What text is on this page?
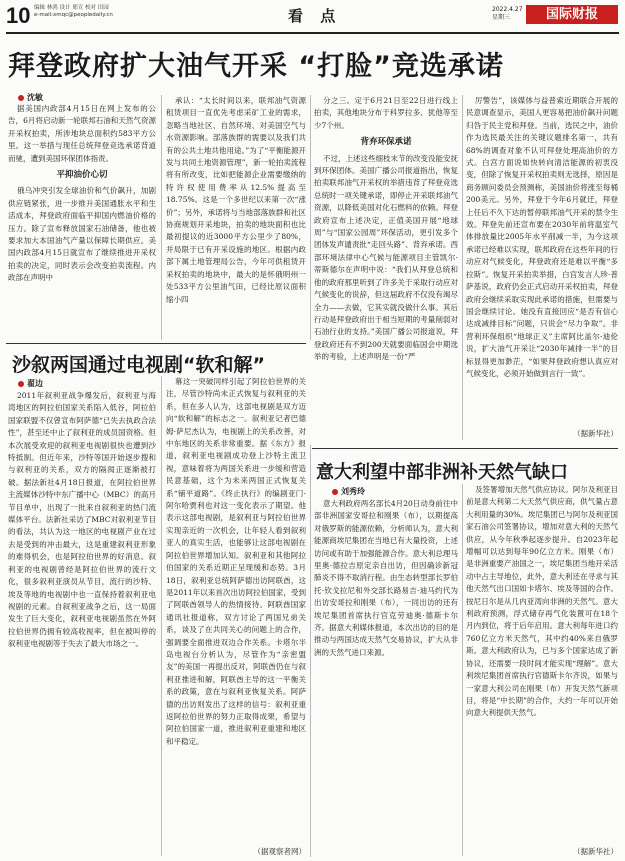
10 编辑 林鸿 设计 邢宣 校对 田园
e-mail:xmqc@peopledaily.cn	看 点	2022.4.27
星期三	国际财报
拜登政府扩大油气开采 “打脸”竞选承诺
沈敏

据美国内政部4月15日在网上发布的公告，6月将启动新一轮联邦石油和天然气资源开采权拍卖，所涉地块总面积约583平方公里。这一举措与现任总统拜登竞选承诺背道而驰，遭到美国环保团体指责。

平抑油价心切

俄乌冲突引发全球油价和气价飙升，加剧供应链紧张，进一步推升美国通胀水平和生活成本，拜登政府面临平抑国内燃油价格的压力。除了宣布释放国家石油储备，他也被要求加大本国油气产量以保障长期供应。美国内政部4月15日就宣布了继续推进开采权拍卖的决定，同时表示会改变拍卖流程。内政部在声明中

承认：“太长时间以来，联邦油气资源租赁项目一直优先考虑采矿工业的需求，忽略当地社区、自然环境、对美国空气与水资源影响。部落族群的需要以及我们共有的公共土地共他用途。”为了“平衡能源开发与共同土地资源管理”，新一轮拍卖流程将有所改变，比如把能源企业需要缴纳的特许权使用费率从12.5%提高至18.75%。这是一个多世纪以来第一次“涨价”；另外，承诺将与当地部落族群和社区协商规划开采地块，拍卖的地块面积也比最初提议的近3000平方公里少了80%，并局限于已有开采设施的地区。根据内政部下属土地管理局公告，今年可供租赁开采权拍卖的地块中，最大的是怀俄明州一处533平方公里油气田，已经比原议面积缩小四

分之三。定于6月21日至22日进行线上拍卖，其他地块分布于科罗拉多、犹他等至少7个州。

背弃环保承诺

不过，上述这些细枝末节的改变没能安抚到环保团体。美国广播公司报道指出，恢复拍卖联邦油气开采权的举措违背了拜登竞选总统时一项关键承诺，即停止开采联邦油气资源，以降低美国对化石燃料的依赖。拜登政府宣布上述决定，正值美国开展“地球周”与“国家公园周”环保活动，更引发多个团体发声谴责批“走回头路”、背弃承诺。西部环境法律中心气候与能源项目主管凯尔·蒂斯德尔在声明中说：“我们从拜登总统和他的政府那里听到了许多关于采取行动应对气候变化的说辞，但这届政府不仅没有竭尽全力——去做，它其实就没做什么事。其后行动是拜登政府出于相当短期的考量削弱对石油行业的支持。”美国广播公司报道说，拜登政府还有不到200天就要面临国会中期选举的考验，上述声明是一份“严

厉警告”，该媒体与益普索近期联合开展的民意调查显示，美国人更容易把油价飙升问题归咎于民主党和拜登。当前，选民之中，油价作为选民最关注的关键议题排名第一，共有68%的调查对象不认可拜登处理高油价的方式。白宫方面说如快转向清洁能源的初衷没变，但除了恢复开采权拍卖则无选择，原因是商务顾问委员会预测称，美国油价将涨至每桶200美元。另外，拜登于今年6月就迁，拜登上任后不久下达的暂停联邦油气开采的禁令生效。拜登先前还宣布要在2030年前将温室气体排放量比2005年水平削减一半，为今这项承诺已经难以实现，联邦政府在这些年间的行动应对气候变化，拜登政府还是难以平衡“多拉斯”。恢复开采拍卖举措，白宫发言人珍·普萨基说，政府仍会正式启动开采权拍卖，拜登政府会继续采取实现此承诺的措施，但需要与国会继续讨论。她没有直接回应“是否有信心达成减排目标”问题，只说会“尽力争取”。非营利环保组织“地球正义”主席阿比盖尔·迪伦说，扩大油气开采让“2030年减排一半”的目标显得更加渺茫，“如果拜登政府想认真应对气候变化，必须开始做到言行一致”。

（据新华社）
沙叙两国通过电视剧“软和解”
翟边

2011年叙利亚战争爆发后，叙利亚与海湾地区的阿拉伯国家关系陷入低谷，阿拉伯国家联盟不仅曾宣布阿萨德“已失去执政合法性”，甚至还中止了叙利亚的成员国资格。但本次展受欢迎的叙利亚电视剧很快也遭到沙特抵制。但近年来，沙特等国开始逐步搜和与叙利亚的关系，双方的隔阂正逐渐被打破。据法新社4月18日报道，在阿拉伯世界主流媒体沙特中东广播中心（MBC）的高月节目单中，出现了一批来自叙利亚的热门流媒体平台。法新社采访了MBC对叙利亚节目的看法，共认为这一地区的电视剧产业在过去是受到的冲击最大，这是重建叙利亚形象的难得机会，也是阿拉伯世界的好消息。叙利亚的电视剧曾经是阿拉伯世界的流行文化，很多叙利亚演员从节目，流行的沙特、埃及等地的电视剧中也一直保持着叙利亚电视剧的元素。自叙利亚战争之后，这一局面发生了巨大变化，叙利亚电视剧虽然在外阿拉伯世界仍拥有较高收视率，但在被叫停的叙利亚电视剧等于失去了最大市场之一。

幕这一突破同样引起了阿拉伯世界的关注，尽管沙特尚未正式恢复与叙利亚的关系，但在多人认为，这部电视剧是双方迈向“软和解”的标志之一。叙利亚记者巴德姆·萨尼杰认为，电视剧上的关系改善，对中东地区的关系非常重要。据《东方》报道，叙利亚电视剧成功登上沙特主流卫视，意味着将为两国关系进一步缓和营造民意基础，这个为未来两国正式恢复关系“铺平道路”。《终止执行》的编剧亚门·阿尔哈贾利也对这一变化表示了期望。他表示这部电视剧，是叙利亚与阿拉伯世界实现亲近的一次机会，让年轻人看到叙利亚人的真实生活，也能够让这部电视剧在阿拉伯世界增加认知。叙利亚和其他阿拉伯国家的关系近期正呈现缓和态势。3月18日，叙利亚总统阿萨德出访阿联酋，这是2011年以来首次出访阿拉伯国家，受到了阿联酋领导人的热情接待。阿联酋国家通讯社报道称，双方讨论了两国兄弟关系，谈及了在共同关心的问题上的合作，强调要全面推进双边合作关系。卡塔尔半岛电视台分析认为，尽管作为“亲密盟友”的美国一再提出反对，阿联酋仍在与叙利亚推进和解，阿联酋主导的这一平衡关系的政策，意在与叙利亚恢复关系。阿萨德的出访则发出了这样的信号：叙利亚重返阿拉伯世界的努力正取得成果，希望与阿拉伯国家一道，推进叙利亚重建和地区和平稳定。

（据观察者网）
意大利望中部非洲补天然气缺口
刘秀玲

意大利政府两名部长4月20日动身前往中部非洲国家安哥拉和刚果（布），以期提高对俄罗斯的能源依赖，分析师认为，意大利能源商埃尼集团在当地已有大量投资，上述访问或有助于加强能源合作。意大利总理马里奥·德拉吉原定亲自出访，但因确诊新冠肺炎不得不取消行程。由生态转型部长罗伯托·钦戈拉尼和外交部长路易吉·迪马约代为出访安哥拉和刚果（布），一同出访的还有埃尼集团首席执行官克劳迪奥·德斯卡尔齐。据意大利媒体报道，本次出访的目的是推动与两国达成天然气交易协议，扩大从非洲的天然气进口来源。

及签署增加天然气供应协议。阿尔及利亚目前是意大利第二大天然气供应商，供气量占意大利用量的30%。埃尼集团已与阿尔及利亚国家石油公司签署协议，增加对意大利的天然气供应，从今年秋季起逐步提升。自2023年起增幅可以达到每年90亿立方米。刚果（布）是非洲重要产油国之一，埃尼集团当地开采活动中占主导地位，此外，意大利还在寻求与其他天然气出口国如卡塔尔、埃及等国的合作。按尼日尔是从几内亚湾向非洲的天然气。意大利政府预测，浮式储存再气化装置可在18个月内到位，将于后年启用。意大利每年进口约760亿立方米天然气，其中约40%来自俄罗斯。意大利政府认为，已与多个国家达成了新协议，还需要一段时间才能实现“理解”。意大利埃尼集团首席执行官德斯卡尔齐说，如果与一家意大利公司在刚果（布）开发天然气新项目，将是“中长期”的合作，大约一年可以开始向意大利提供天然气。

（据新华社）
